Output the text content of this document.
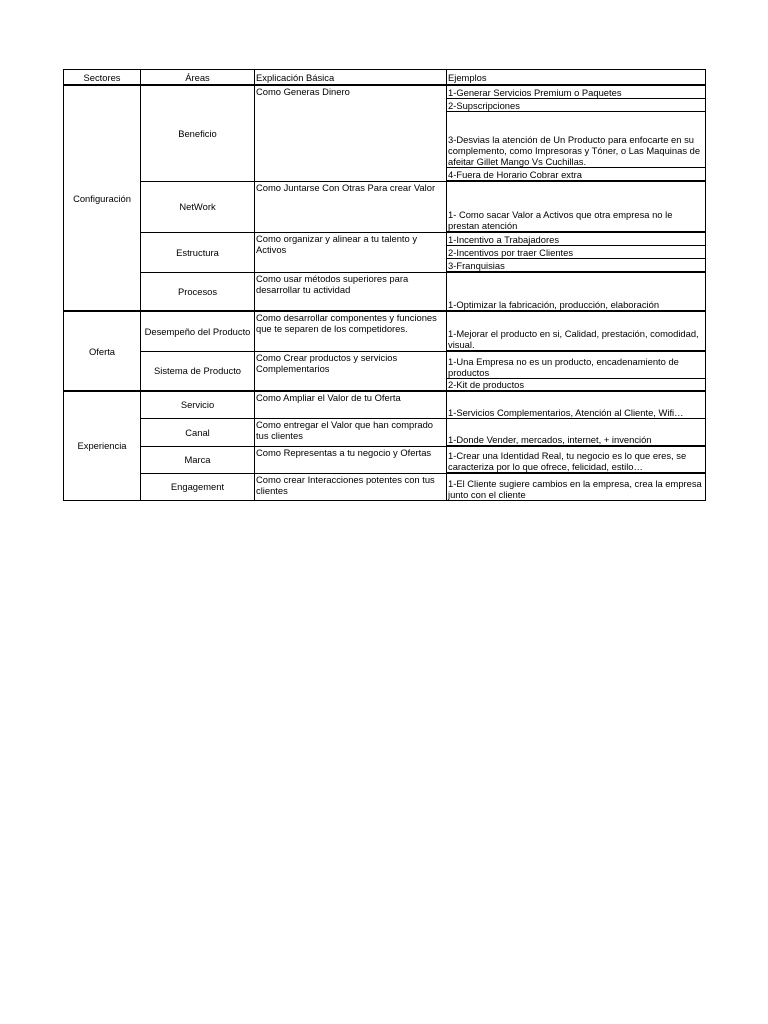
Sectores	Áreas	Explicación Básica	Ejemplos
Configuración	Beneficio	Como Generas Dinero	1-Generar Servicios Premium o Paquetes
			2-Supscripciones
			3-Desvias la atención de Un Producto para enfocarte en su complemento, como Impresoras y Tóner, o Las Maquinas de afeitar Gillet Mango Vs Cuchillas.
			4-Fuera de Horario Cobrar extra
	NetWork	Como Juntarse Con Otras Para crear Valor	1- Como sacar Valor a Activos que otra empresa no le prestan atención
	Estructura	Como organizar y alinear a tu talento y Activos	1-Incentivo a Trabajadores
			2-Incentivos por traer Clientes
			3-Franquisias
	Procesos	Como usar métodos superiores para desarrollar tu actividad	1-Optimizar la fabricación, producción, elaboración

Oferta	Desempeño del Producto	Como desarrollar componentes y funciones que te separen de los competidores.	1-Mejorar el producto en si, Calidad, prestación, comodidad, visual.
	Sistema de Producto	Como Crear productos y servicios Complementarios	1-Una Empresa no es un producto, encadenamiento de productos
			2-Kit de productos
Experiencia	Servicio	Como Ampliar el Valor de tu Oferta	1-Servicios Complementarios, Atención al Cliente, Wifi…
	Canal	Como entregar el Valor que han comprado tus clientes	1-Donde Vender, mercados, internet, + invención
	Marca	Como Representas a tu negocio y Ofertas	1-Crear una Identidad Real, tu negocio es lo que eres, se caracteriza por lo que ofrece, felicidad, estilo…
	Engagement	Como crear Interacciones potentes con tus clientes	1-El Cliente sugiere cambios en la empresa, crea la empresa junto con el cliente
